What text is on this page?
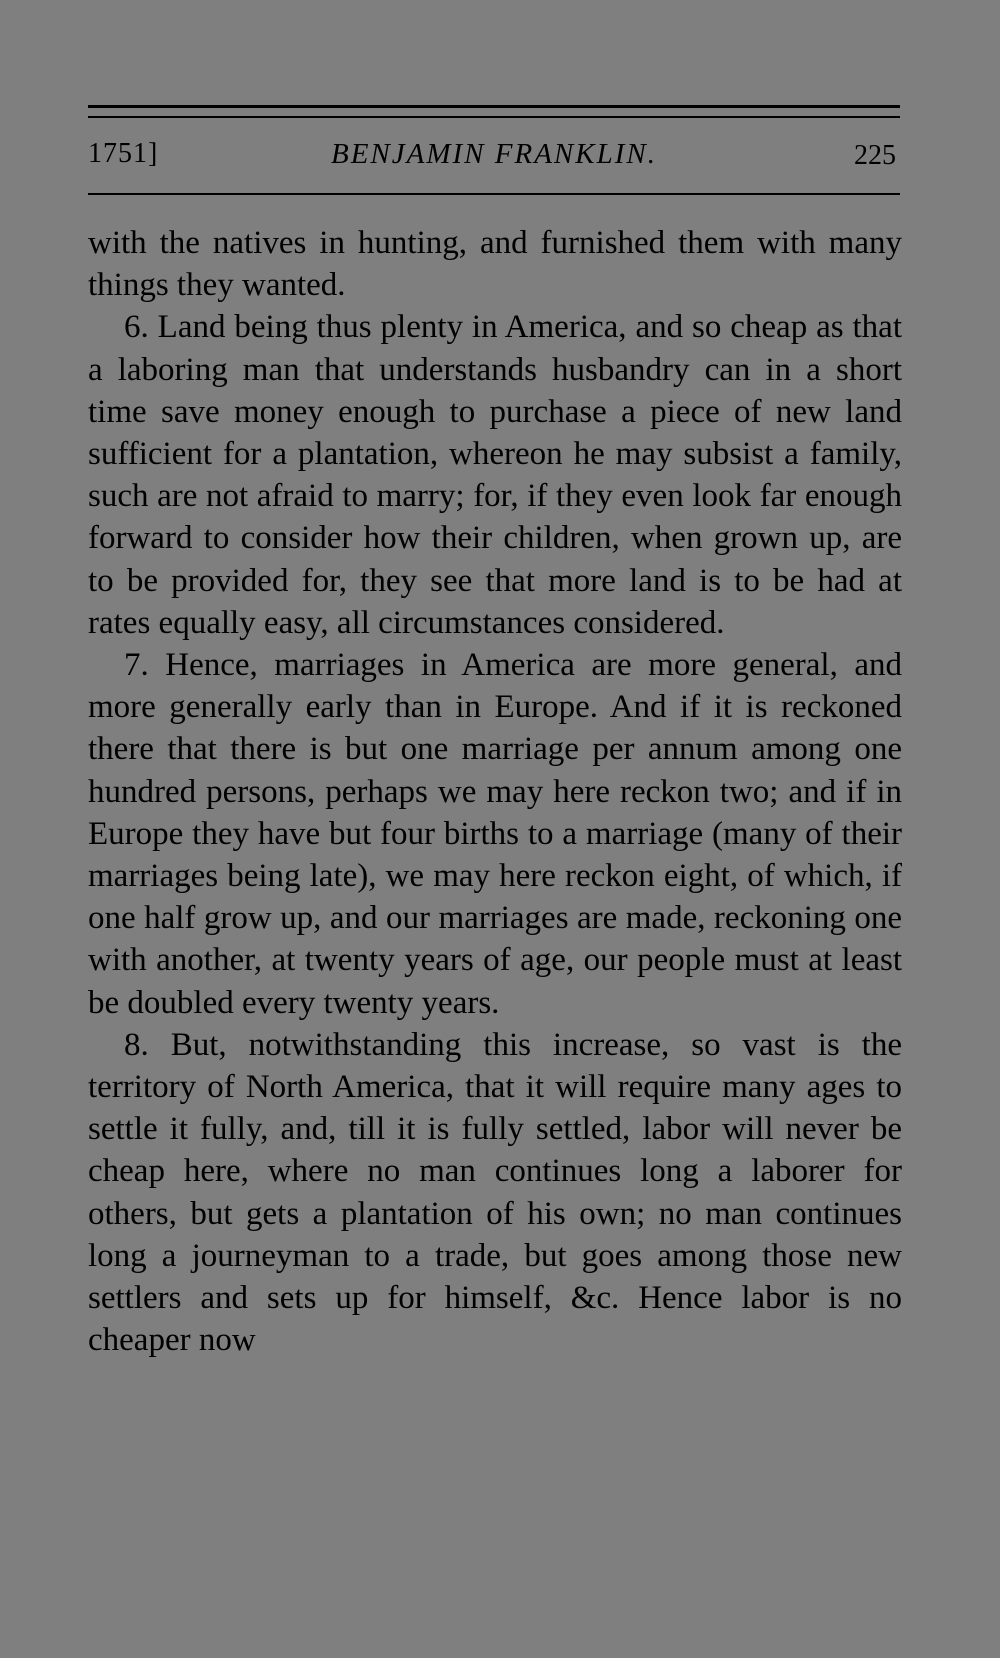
1751]	BENJAMIN FRANKLIN.	225

with the natives in hunting, and furnished them with many things they wanted.

6. Land being thus plenty in America, and so cheap as that a laboring man that understands husbandry can in a short time save money enough to purchase a piece of new land sufficient for a plantation, whereon he may subsist a family, such are not afraid to marry; for, if they even look far enough forward to consider how their children, when grown up, are to be provided for, they see that more land is to be had at rates equally easy, all circumstances considered.

7. Hence, marriages in America are more general, and more generally early than in Europe. And if it is reckoned there that there is but one marriage per annum among one hundred persons, perhaps we may here reckon two; and if in Europe they have but four births to a marriage (many of their marriages being late), we may here reckon eight, of which, if one half grow up, and our marriages are made, reckoning one with another, at twenty years of age, our people must at least be doubled every twenty years.

8. But, notwithstanding this increase, so vast is the territory of North America, that it will require many ages to settle it fully, and, till it is fully settled, labor will never be cheap here, where no man continues long a laborer for others, but gets a plantation of his own; no man continues long a journeyman to a trade, but goes among those new settlers and sets up for himself, &c. Hence labor is no cheaper now
